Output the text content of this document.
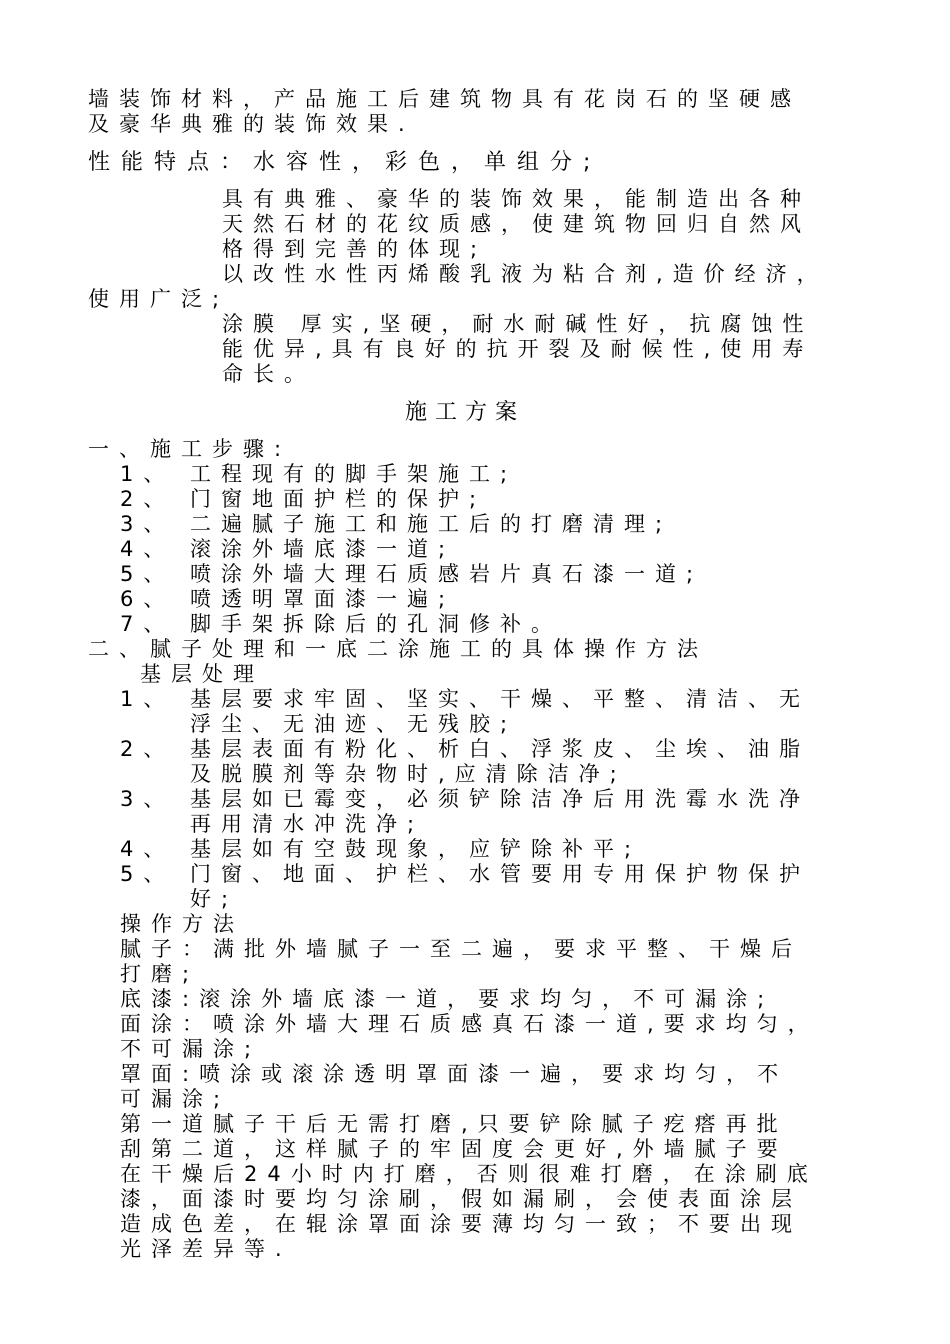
墙装饰材料，产品施工后建筑物具有花岗石的坚硬感
及豪华典雅的装饰效果.
性能特点：水容性，彩色，单组分;
具有典雅、豪华的装饰效果，能制造出各种
天然石材的花纹质感，使建筑物回归自然风
格得到完善的体现;
以改性水性丙烯酸乳液为粘合剂,造价经济，
使用广泛;
涂膜 厚实,坚硬，耐水耐碱性好，抗腐蚀性
能优异,具有良好的抗开裂及耐候性,使用寿
命长。
施工方案
一、施工步骤:
1、 工程现有的脚手架施工;
2、 门窗地面护栏的保护;
3、 二遍腻子施工和施工后的打磨清理;
4、 滚涂外墙底漆一道;
5、 喷涂外墙大理石质感岩片真石漆一道;
6、 喷透明罩面漆一遍;
7、 脚手架拆除后的孔洞修补。
二、腻子处理和一底二涂施工的具体操作方法
基层处理
1、 基层要求牢固、坚实、干燥、平整、清洁、无
浮尘、无油迹、无残胶;
2、 基层表面有粉化、析白、浮浆皮、尘埃、油脂
及脱膜剂等杂物时,应清除洁净;
3、 基层如已霉变，必须铲除洁净后用洗霉水洗净
再用清水冲洗净;
4、 基层如有空鼓现象，应铲除补平;
5、 门窗、地面、护栏、水管要用专用保护物保护
好;
操作方法
腻子：满批外墙腻子一至二遍，要求平整、干燥后
打磨;
底漆:滚涂外墙底漆一道，要求均匀，不可漏涂;
面涂：喷涂外墙大理石质感真石漆一道,要求均匀，
不可漏涂;
罩面:喷涂或滚涂透明罩面漆一遍，要求均匀，不
可漏涂;
第一道腻子干后无需打磨,只要铲除腻子疙瘩再批
刮第二道，这样腻子的牢固度会更好,外墙腻子要
在干燥后24小时内打磨，否则很难打磨，在涂刷底
漆，面漆时要均匀涂刷，假如漏刷，会使表面涂层
造成色差，在辊涂罩面涂要薄均匀一致；不要出现
光泽差异等.
